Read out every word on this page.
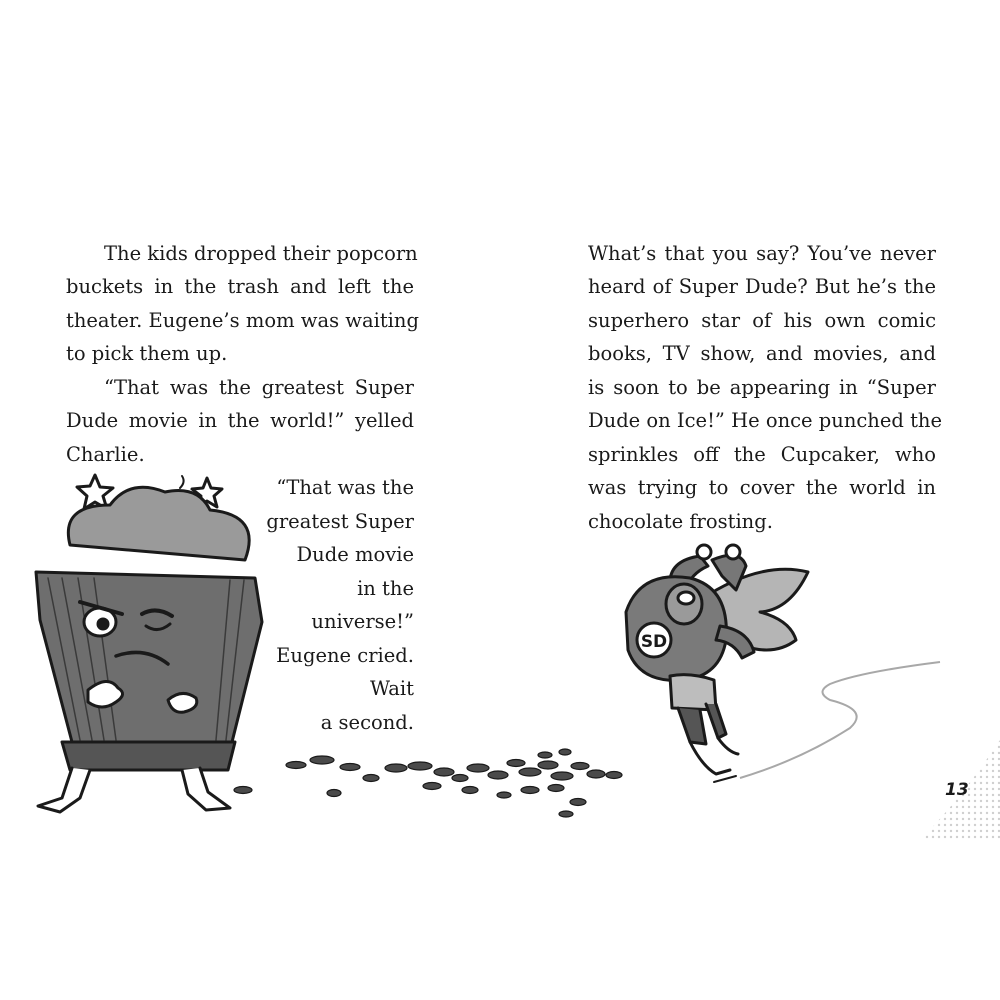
The kids dropped their popcorn
buckets in the trash and left the
theater. Eugene’s mom was waiting
to pick them up.
“That was the greatest Super
Dude movie in the world!” yelled
Charlie.
“That was the
greatest Super
Dude movie
in the
universe!”
Eugene cried.
Wait
a second.
What’s that you say? You’ve never
heard of Super Dude? But he’s the
superhero star of his own comic
books, TV show, and movies, and
is soon to be appearing in “Super
Dude on Ice!” He once punched the
sprinkles off the Cupcaker, who
was trying to cover the world in
chocolate frosting.
SD
13
